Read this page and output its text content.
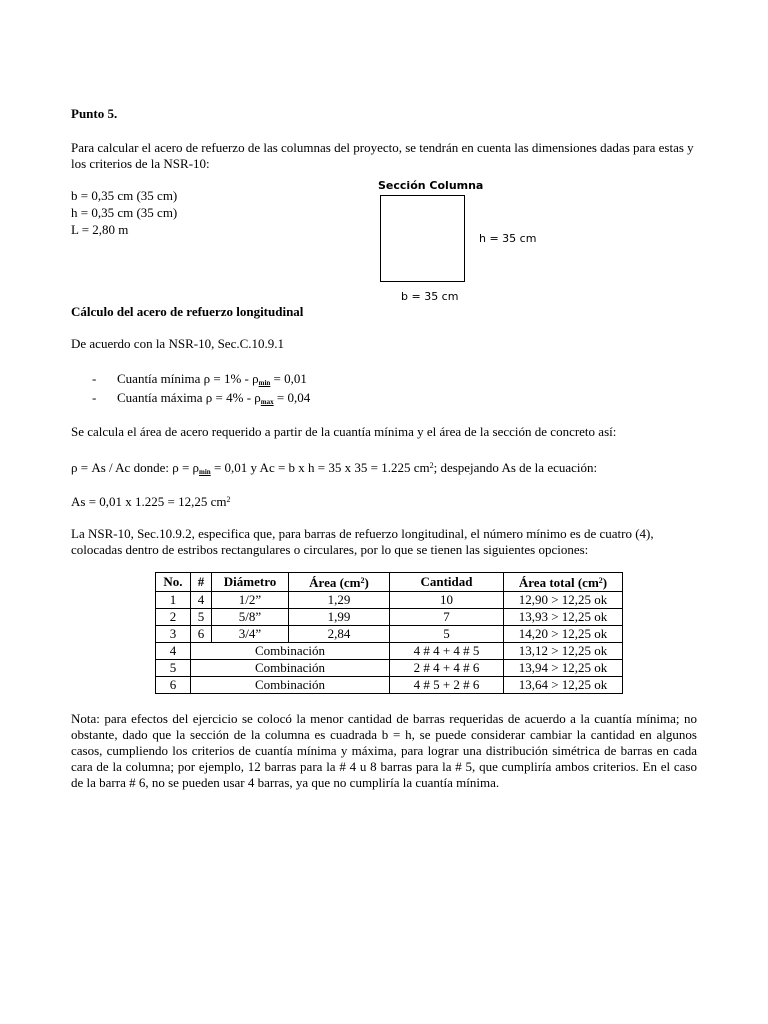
Punto 5.
Para calcular el acero de refuerzo de las columnas del proyecto, se tendrán en cuenta las dimensiones dadas para estas y los criterios de la NSR-10:
b = 0,35 cm (35 cm)
h = 0,35 cm (35 cm)
L = 2,80 m
Sección Columna
h = 35 cm
b = 35 cm
Cálculo del acero de refuerzo longitudinal
De acuerdo con la NSR-10, Sec.C.10.9.1
- Cuantía mínima $\rho = 1\% - \rho_{min} = 0,01$
- Cuantía máxima $\rho = 4\% - \rho_{max} = 0,04$
Se calcula el área de acero requerido a partir de la cuantía mínima y el área de la sección de concreto así:
ρ = As / Ac donde: $\rho = \rho_{min} = 0,01$ y Ac = b x h = 35 x 35 = 1.225 $cm^2$; despejando As de la ecuación:
As = 0,01 x 1.225 = 12,25 $cm^2$
La NSR-10, Sec.10.9.2, especifica que, para barras de refuerzo longitudinal, el número mínimo es de cuatro (4), colocadas dentro de estribos rectangulares o circulares, por lo que se tienen las siguientes opciones:
No.	#	Diámetro	Área $(cm^2)$	Cantidad	Área total $(cm^2)$
1	4	1/2”	1,29	10	12,90 > 12,25 ok
2	5	5/8”	1,99	7	13,93 > 12,25 ok
3	6	3/4”	2,84	5	14,20 > 12,25 ok
4	Combinación			4 # 4 + 4 # 5	13,12 > 12,25 ok
5	Combinación			2 # 4 + 4 # 6	13,94 > 12,25 ok
6	Combinación			4 # 5 + 2 # 6	13,64 > 12,25 ok
Nota: para efectos del ejercicio se colocó la menor cantidad de barras requeridas de acuerdo a la cuantía mínima; no obstante, dado que la sección de la columna es cuadrada b = h, se puede considerar cambiar la cantidad en algunos casos, cumpliendo los criterios de cuantía mínima y máxima, para lograr una distribución simétrica de barras en cada cara de la columna; por ejemplo, 12 barras para la # 4 u 8 barras para la # 5, que cumpliría ambos criterios. En el caso de la barra # 6, no se pueden usar 4 barras, ya que no cumpliría la cuantía mínima.
